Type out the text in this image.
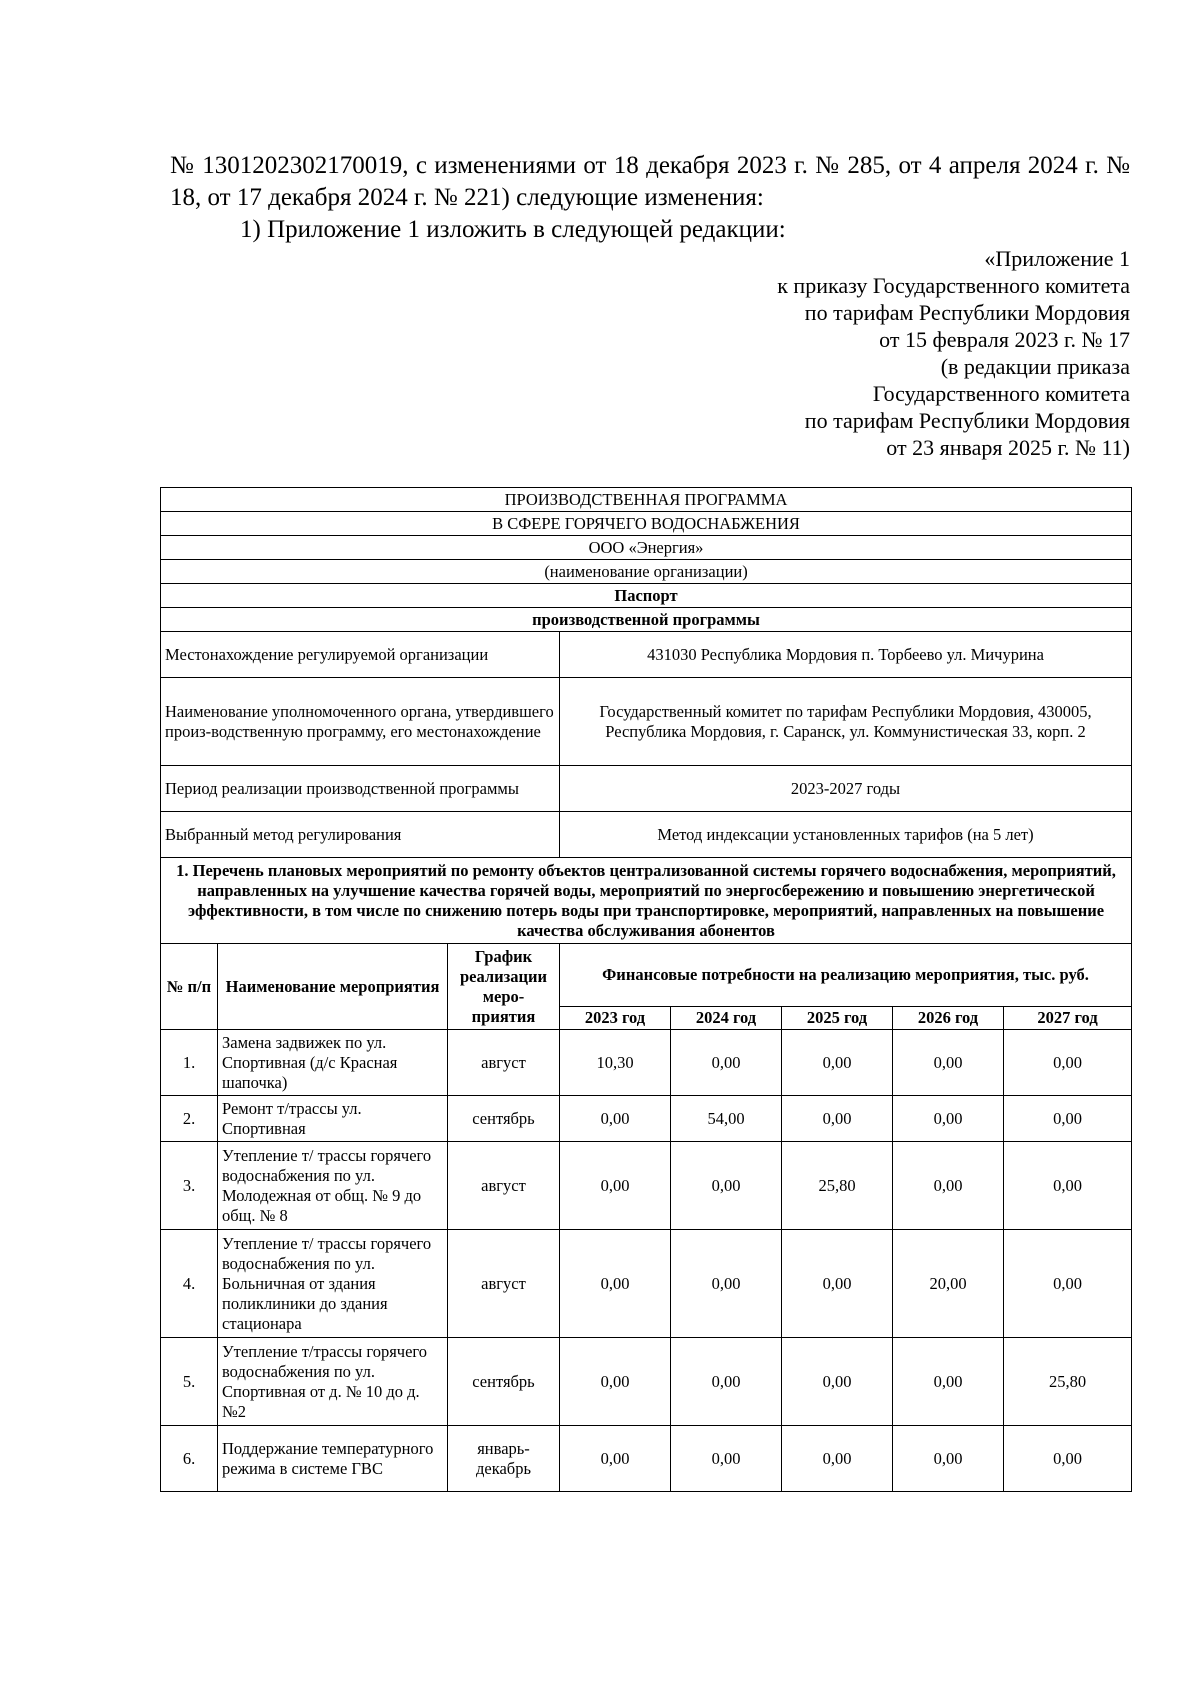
№ 1301202302170019, с изменениями от 18 декабря 2023 г. № 285, от 4 апреля 2024 г. № 18, от 17 декабря 2024 г. № 221) следующие изменения:

1) Приложение 1 изложить в следующей редакции:

«Приложение 1
к приказу Государственного комитета
по тарифам Республики Мордовия
от 15 февраля 2023 г. № 17
(в редакции приказа
Государственного комитета
по тарифам Республики Мордовия
от 23 января 2025 г. № 11)
ПРОИЗВОДСТВЕННАЯ ПРОГРАММА							
В СФЕРЕ ГОРЯЧЕГО ВОДОСНАБЖЕНИЯ							
ООО «Энергия»							
(наименование организации)							
Паспорт							
производственной программы							
Местонахождение регулируемой организации			431030 Республика Мордовия п. Торбеево ул. Мичурина				
Наименование уполномоченного органа, утвердившего произ-водственную программу, его местонахождение			Государственный комитет по тарифам Республики Мордовия, 430005, Республика Мордовия, г. Саранск, ул. Коммунистическая 33, корп. 2				
Период реализации производственной программы			2023-2027 годы				
Выбранный метод регулирования			Метод индексации установленных тарифов (на 5 лет)				
1. Перечень плановых мероприятий по ремонту объектов централизованной системы горячего водоснабжения, мероприятий, направленных на улучшение качества горячей воды, мероприятий по энергосбережению и повышению энергетической эффективности, в том числе по снижению потерь воды при транспортировке, мероприятий, направленных на повышение качества обслуживания абонентов							
№ п/п	Наименование мероприятия	График реализации меро-приятия	Финансовые потребности на реализацию мероприятия, тыс. руб.				
			2023 год	2024 год	2025 год	2026 год	2027 год
1.	Замена задвижек по ул. Спортивная (д/с Красная шапочка)	август	10,30	0,00	0,00	0,00	0,00
2.	Ремонт т/трассы ул. Спортивная	сентябрь	0,00	54,00	0,00	0,00	0,00
3.	Утепление т/ трассы горячего водоснабжения по ул. Молодежная от общ. № 9 до общ. № 8	август	0,00	0,00	25,80	0,00	0,00
4.	Утепление т/ трассы горячего водоснабжения по ул. Больничная от здания поликлиники до здания стационара	август	0,00	0,00	0,00	20,00	0,00
5.	Утепление т/трассы горячего водоснабжения по ул. Спортивная от д. № 10 до д. №2	сентябрь	0,00	0,00	0,00	0,00	25,80
6.	Поддержание температурного режима в системе ГВС	январь-декабрь	0,00	0,00	0,00	0,00	0,00
